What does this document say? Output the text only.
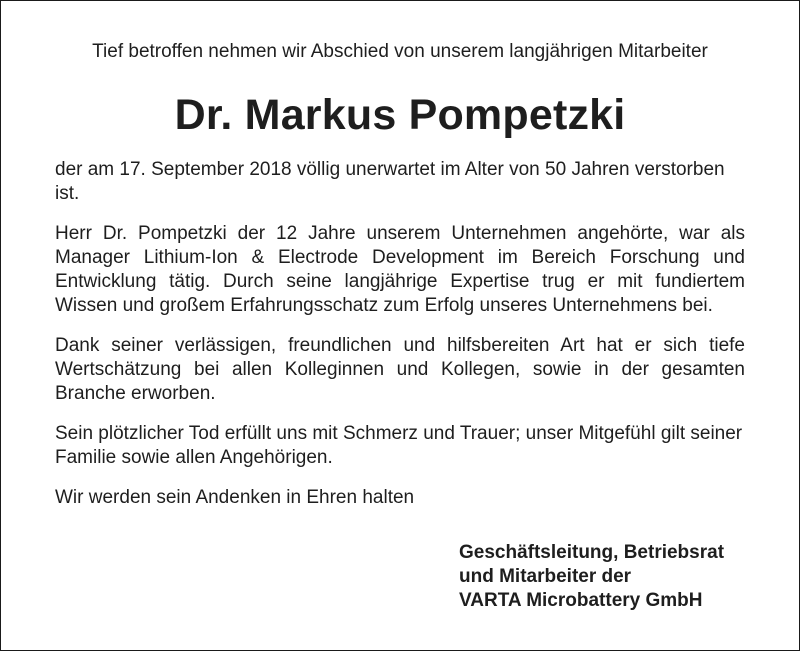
Tief betroffen nehmen wir Abschied von unserem langjährigen Mitarbeiter
Dr. Markus Pompetzki

der am 17. September 2018 völlig unerwartet im Alter von 50 Jahren verstorben ist.

Herr Dr. Pompetzki der 12 Jahre unserem Unternehmen angehörte, war als Manager Lithium-Ion & Electrode Development im Bereich Forschung und Entwicklung tätig. Durch seine langjährige Expertise trug er mit fundiertem Wissen und großem Erfahrungsschatz zum Erfolg unseres Unternehmens bei.

Dank seiner verlässigen, freundlichen und hilfsbereiten Art hat er sich tiefe Wertschätzung bei allen Kolleginnen und Kollegen, sowie in der gesamten Branche erworben.

Sein plötzlicher Tod erfüllt uns mit Schmerz und Trauer; unser Mitgefühl gilt seiner Familie sowie allen Angehörigen.

Wir werden sein Andenken in Ehren halten

Geschäftsleitung, Betriebsrat
und Mitarbeiter der
VARTA Microbattery GmbH
